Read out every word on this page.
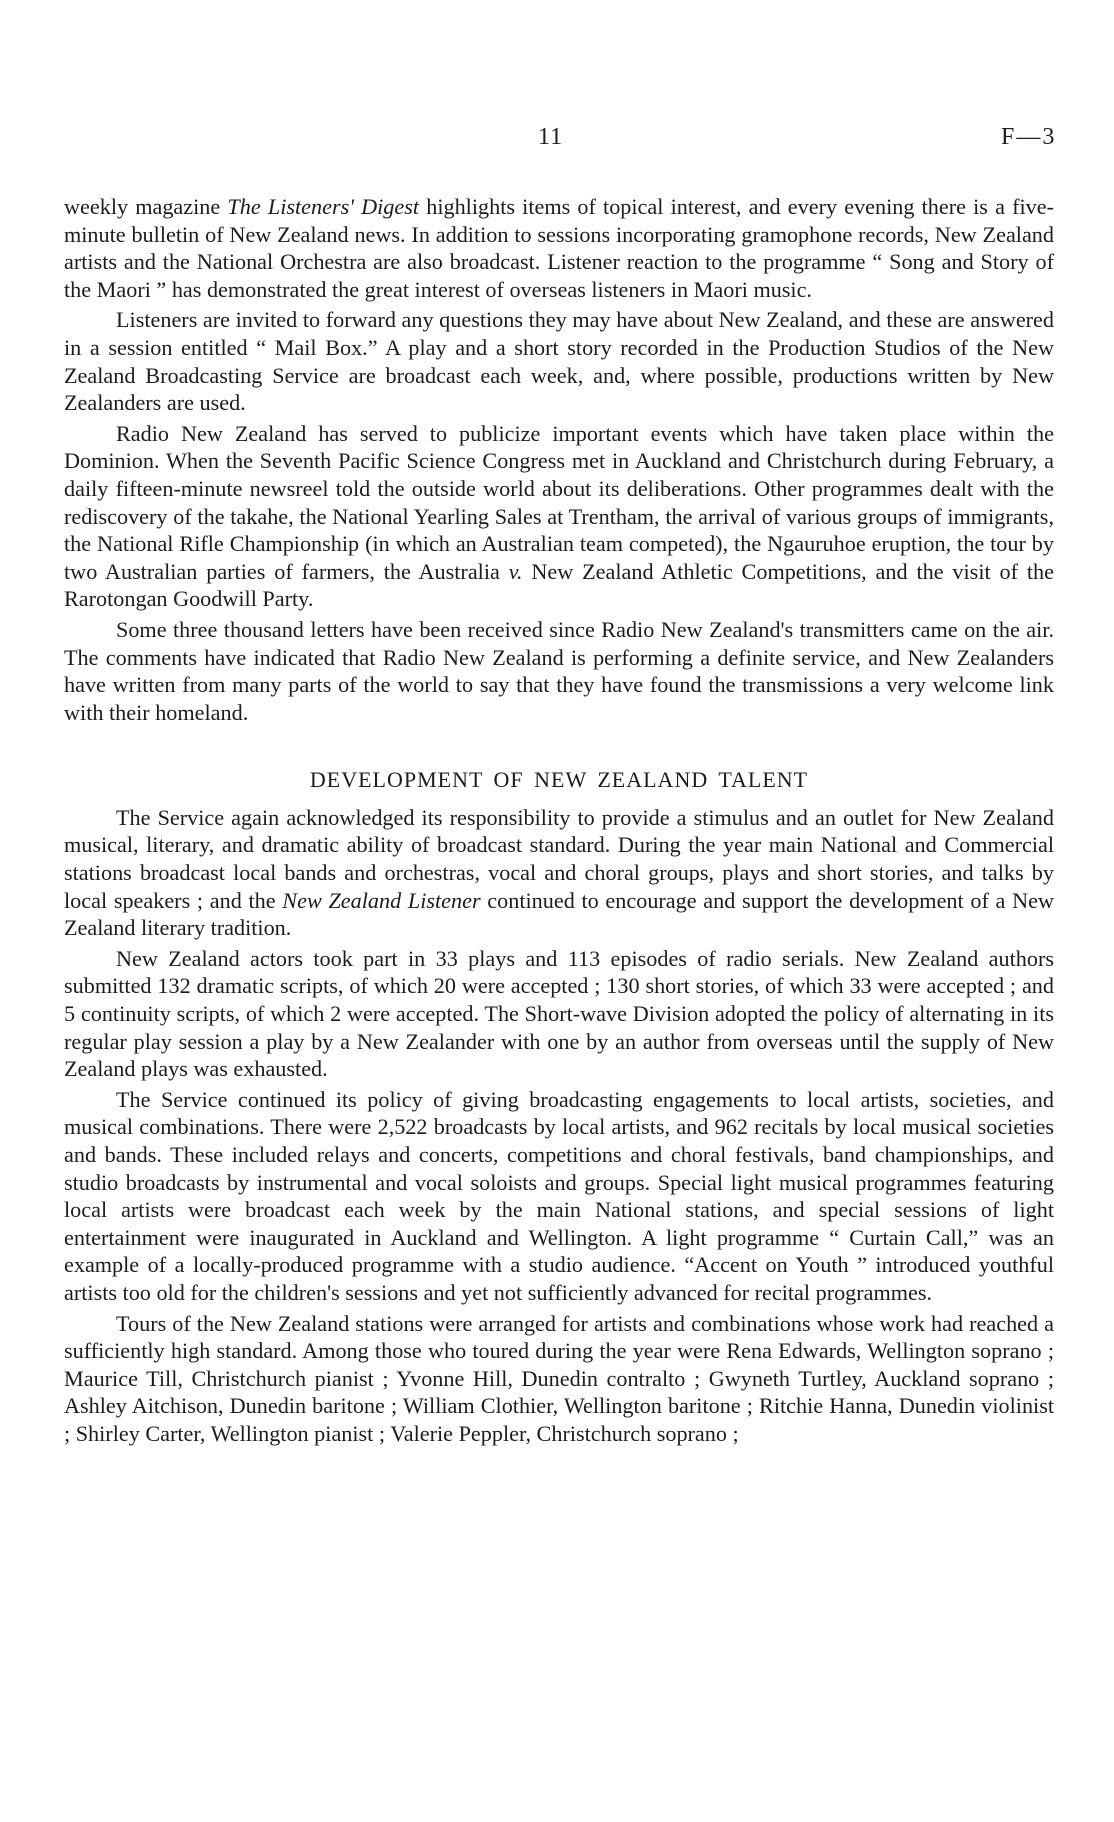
11	F—3

weekly magazine The Listeners' Digest highlights items of topical interest, and every evening there is a five-minute bulletin of New Zealand news. In addition to sessions incorporating gramophone records, New Zealand artists and the National Orchestra are also broadcast. Listener reaction to the programme “ Song and Story of the Maori ” has demonstrated the great interest of overseas listeners in Maori music.

Listeners are invited to forward any questions they may have about New Zealand, and these are answered in a session entitled “ Mail Box.” A play and a short story recorded in the Production Studios of the New Zealand Broadcasting Service are broadcast each week, and, where possible, productions written by New Zealanders are used.

Radio New Zealand has served to publicize important events which have taken place within the Dominion. When the Seventh Pacific Science Congress met in Auckland and Christchurch during February, a daily fifteen-minute newsreel told the outside world about its deliberations. Other programmes dealt with the rediscovery of the takahe, the National Yearling Sales at Trentham, the arrival of various groups of immigrants, the National Rifle Championship (in which an Australian team competed), the Ngauruhoe eruption, the tour by two Australian parties of farmers, the Australia v. New Zealand Athletic Competitions, and the visit of the Rarotongan Goodwill Party.

Some three thousand letters have been received since Radio New Zealand's transmitters came on the air. The comments have indicated that Radio New Zealand is performing a definite service, and New Zealanders have written from many parts of the world to say that they have found the transmissions a very welcome link with their homeland.

DEVELOPMENT OF NEW ZEALAND TALENT

The Service again acknowledged its responsibility to provide a stimulus and an outlet for New Zealand musical, literary, and dramatic ability of broadcast standard. During the year main National and Commercial stations broadcast local bands and orchestras, vocal and choral groups, plays and short stories, and talks by local speakers ; and the New Zealand Listener continued to encourage and support the development of a New Zealand literary tradition.

New Zealand actors took part in 33 plays and 113 episodes of radio serials. New Zealand authors submitted 132 dramatic scripts, of which 20 were accepted ; 130 short stories, of which 33 were accepted ; and 5 continuity scripts, of which 2 were accepted. The Short-wave Division adopted the policy of alternating in its regular play session a play by a New Zealander with one by an author from overseas until the supply of New Zealand plays was exhausted.

The Service continued its policy of giving broadcasting engagements to local artists, societies, and musical combinations. There were 2,522 broadcasts by local artists, and 962 recitals by local musical societies and bands. These included relays and concerts, competitions and choral festivals, band championships, and studio broadcasts by instrumental and vocal soloists and groups. Special light musical programmes featuring local artists were broadcast each week by the main National stations, and special sessions of light entertainment were inaugurated in Auckland and Wellington. A light programme “ Curtain Call,” was an example of a locally-produced programme with a studio audience. “Accent on Youth ” introduced youthful artists too old for the children's sessions and yet not sufficiently advanced for recital programmes.

Tours of the New Zealand stations were arranged for artists and combinations whose work had reached a sufficiently high standard. Among those who toured during the year were Rena Edwards, Wellington soprano ; Maurice Till, Christchurch pianist ; Yvonne Hill, Dunedin contralto ; Gwyneth Turtley, Auckland soprano ; Ashley Aitchison, Dunedin baritone ; William Clothier, Wellington baritone ; Ritchie Hanna, Dunedin violinist ; Shirley Carter, Wellington pianist ; Valerie Peppler, Christchurch soprano ;
